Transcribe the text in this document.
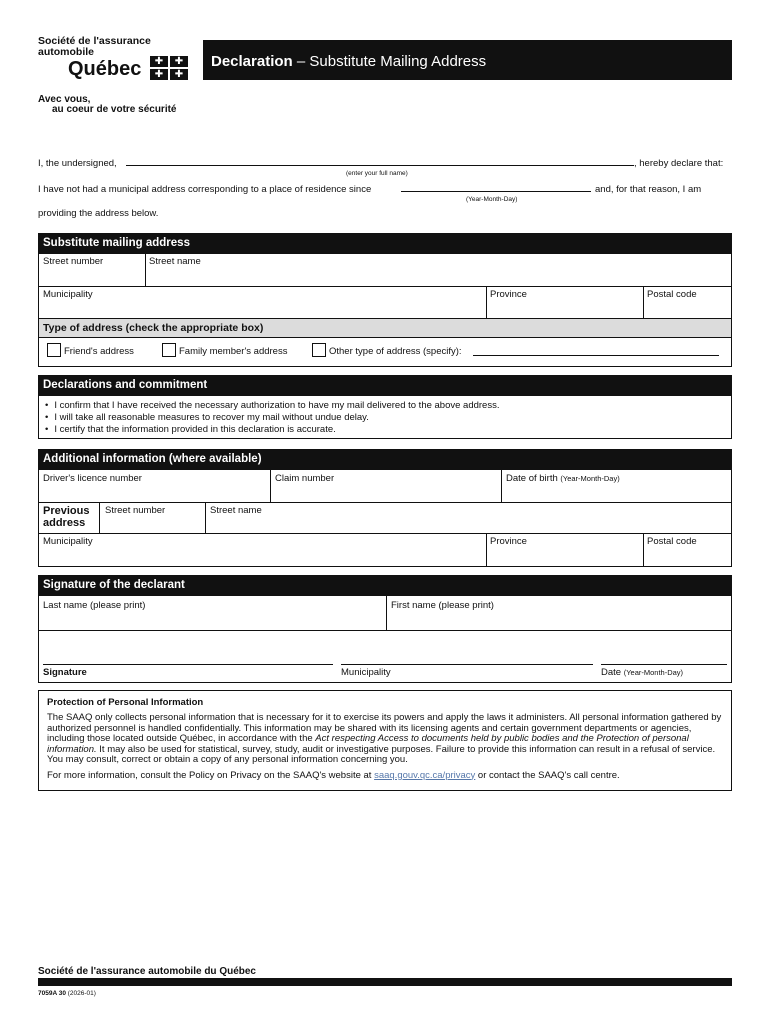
Société de l'assurance
automobile
Québec	✚	✚
✚	✚
Avec vous,
au coeur de votre sécurité
Declaration – Substitute Mailing Address
I, the undersigned,	, hereby declare that:
(enter your full name)
I have not had a municipal address corresponding to a place of residence since	and, for that reason, I am
(Year-Month-Day)
providing the address below.
Substitute mailing address
Street number	Street name
Municipality	Province	Postal code
Type of address (check the appropriate box)
Friend's address	Family member's address	Other type of address (specify):
Declarations and commitment
• I confirm that I have received the necessary authorization to have my mail delivered to the above address.
• I will take all reasonable measures to recover my mail without undue delay.
• I certify that the information provided in this declaration is accurate.
Additional information (where available)
Driver's licence number	Claim number	Date of birth (Year-Month-Day)
Previous
address
Street number	Street name
Municipality	Province	Postal code
Signature of the declarant
Last name (please print)	First name (please print)
Signature	Municipality	Date (Year-Month-Day)
Protection of Personal Information
The SAAQ only collects personal information that is necessary for it to exercise its powers and apply the laws it administers. All personal information gathered by authorized personnel is handled confidentially. This information may be shared with its licensing agents and certain government departments or agencies, including those located outside Québec, in accordance with the Act respecting Access to documents held by public bodies and the Protection of personal information. It may also be used for statistical, survey, study, audit or investigative purposes. Failure to provide this information can result in a refusal of service. You may consult, correct or obtain a copy of any personal information concerning you.
For more information, consult the Policy on Privacy on the SAAQ's website at saaq.gouv.qc.ca/privacy or contact the SAAQ's call centre.
Société de l'assurance automobile du Québec
7059A 30 (2026-01)
